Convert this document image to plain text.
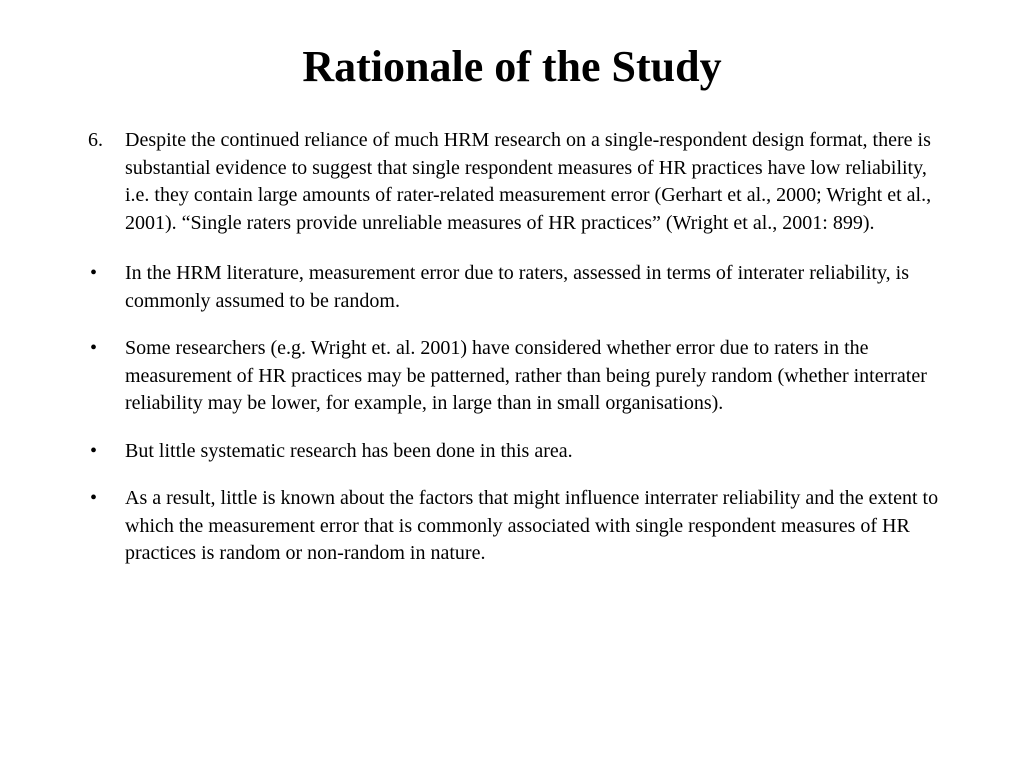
Rationale of the Study
6. Despite the continued reliance of much HRM research on a single-respondent design format, there is substantial evidence to suggest that single respondent measures of HR practices have low reliability, i.e. they contain large amounts of rater-related measurement error (Gerhart et al., 2000; Wright et al., 2001). “Single raters provide unreliable measures of HR practices” (Wright et al., 2001: 899).
• In the HRM literature, measurement error due to raters, assessed in terms of interater reliability, is commonly assumed to be random.
• Some researchers (e.g. Wright et. al. 2001) have considered whether error due to raters in the measurement of HR practices may be patterned, rather than being purely random (whether interrater reliability may be lower, for example, in large than in small organisations).
• But little systematic research has been done in this area.
• As a result, little is known about the factors that might influence interrater reliability and the extent to which the measurement error that is commonly associated with single respondent measures of HR practices is random or non-random in nature.
